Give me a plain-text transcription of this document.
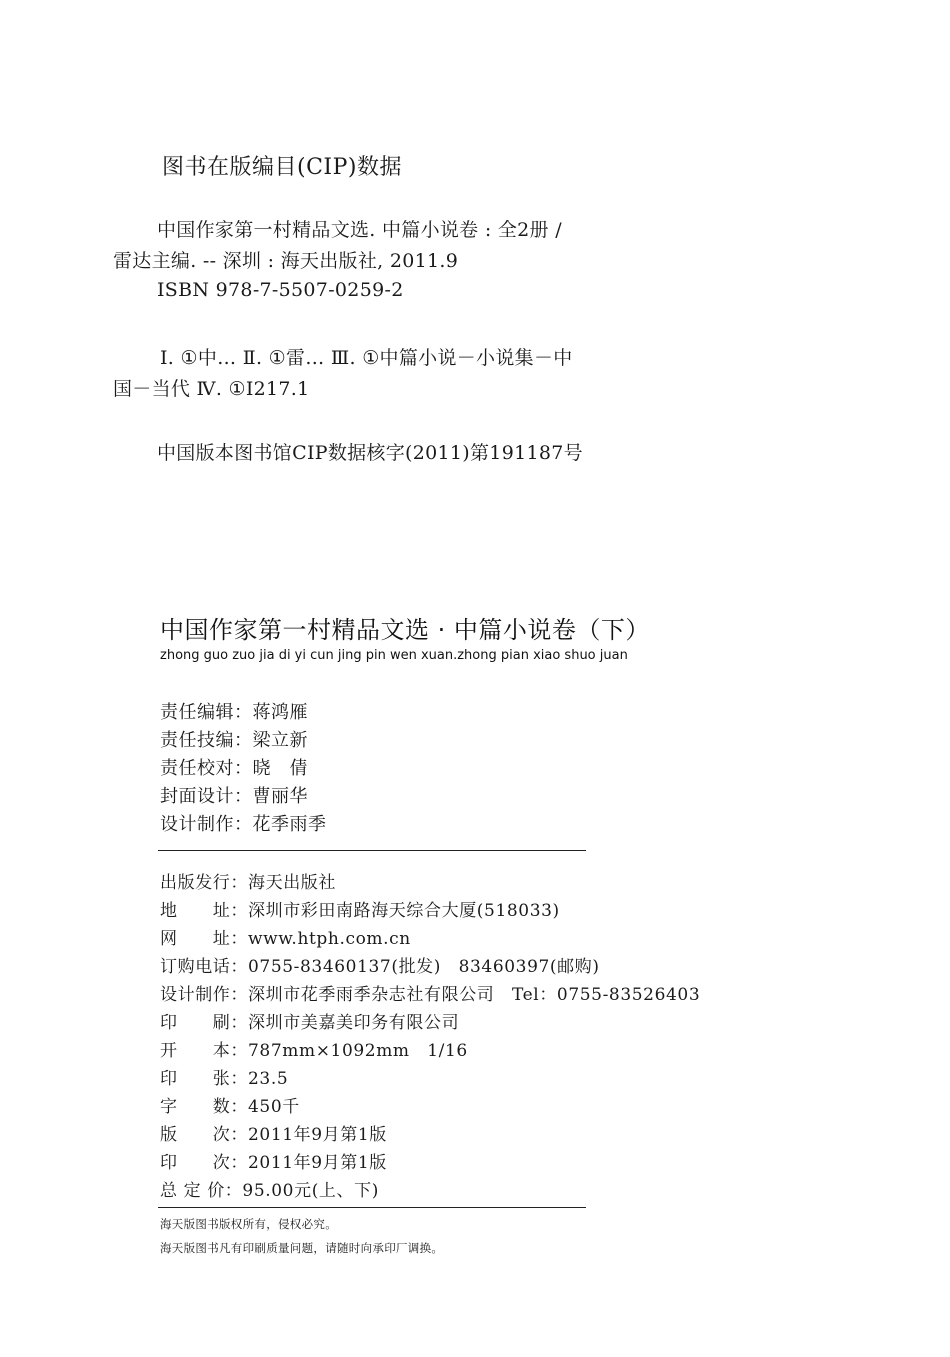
图书在版编目(CIP)数据
中国作家第一村精品文选. 中篇小说卷 : 全2册 /
雷达主编. -- 深圳 : 海天出版社, 2011.9
ISBN 978-7-5507-0259-2
Ⅰ. ①中… Ⅱ. ①雷… Ⅲ. ①中篇小说－小说集－中
国－当代 Ⅳ. ①I217.1
中国版本图书馆CIP数据核字(2011)第191187号
中国作家第一村精品文选 · 中篇小说卷（下）
zhong guo zuo jia di yi cun jing pin wen xuan.zhong pian xiao shuo juan
责任编辑：蒋鸿雁
责任技编：梁立新
责任校对：晓　倩
封面设计：曹丽华
设计制作：花季雨季
出版发行：海天出版社
地　　址：深圳市彩田南路海天综合大厦(518033)
网　　址：www.htph.com.cn
订购电话：0755-83460137(批发)　83460397(邮购)
设计制作：深圳市花季雨季杂志社有限公司　Tel：0755-83526403
印　　刷：深圳市美嘉美印务有限公司
开　　本：787mm×1092mm　1/16
印　　张：23.5
字　　数：450千
版　　次：2011年9月第1版
印　　次：2011年9月第1版
总 定 价：95.00元(上、下)
海天版图书版权所有，侵权必究。
海天版图书凡有印刷质量问题，请随时向承印厂调换。
